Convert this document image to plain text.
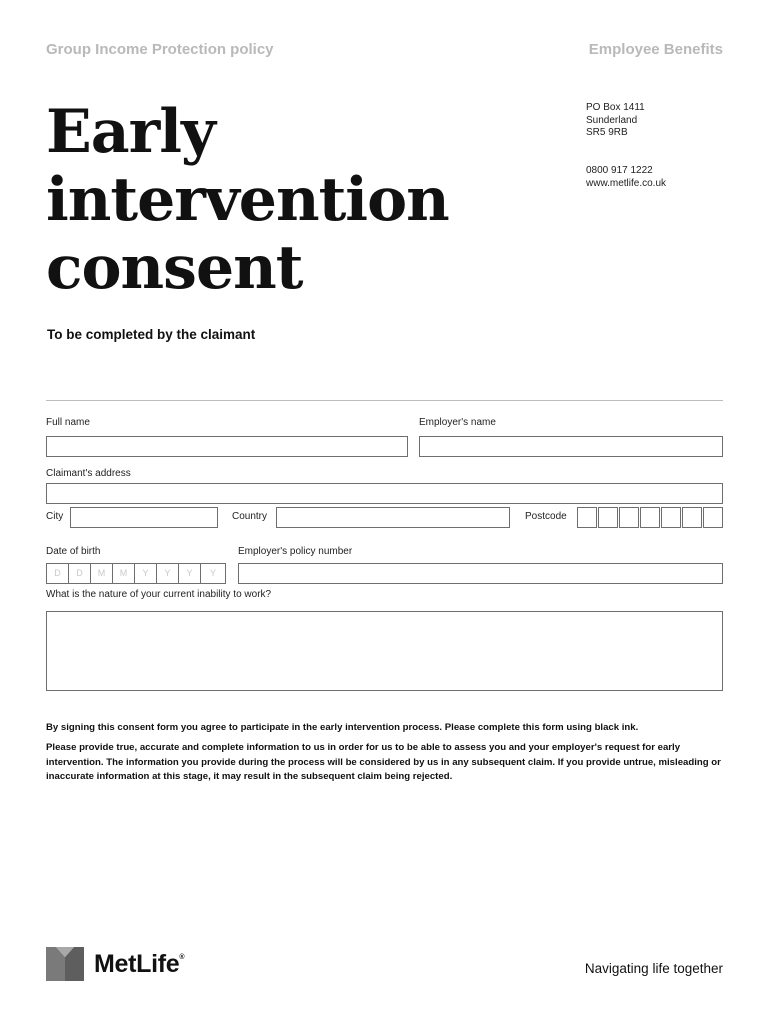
Group Income Protection policy	Employee Benefits
Early
intervention
consent
PO Box 1411
Sunderland
SR5 9RB
0800 917 1222
www.metlife.co.uk
To be completed by the claimant
Full name	Employer's name
Claimant's address
City	Country	Postcode
Date of birth	Employer's policy number
D	D	M	M	Y	Y	Y	Y
What is the nature of your current inability to work?
By signing this consent form you agree to participate in the early intervention process. Please complete this form using black ink.
Please provide true, accurate and complete information to us in order for us to be able to assess you and your employer's request for early intervention. The information you provide during the process will be considered by us in any subsequent claim. If you provide untrue, misleading or inaccurate information at this stage, it may result in the subsequent claim being rejected.
MetLife®
Navigating life together
